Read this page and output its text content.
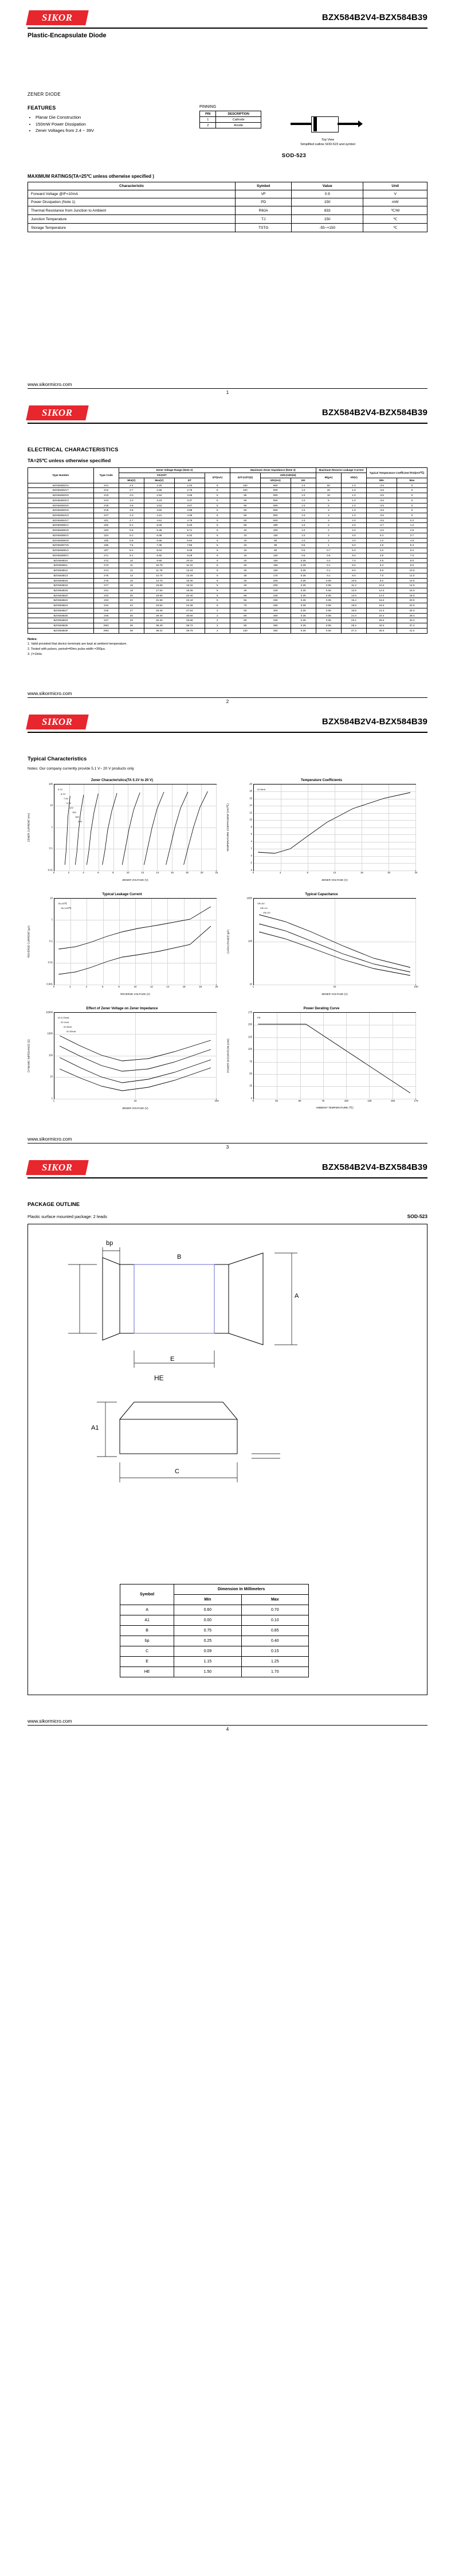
SIKOR	BZX584B2V4-BZX584B39
Plastic-Encapsulate Diode
ZENER DIODE
FEATURES
• Planar Die Construction
• 150mW Power Dissipation
• Zener Voltages from 2.4 ~ 39V
PINNING
PIN	DESCRIPTION
1	Cathode
2	Anode
Top View
Simplified outline SOD-523 and symbol
SOD-523
MAXIMUM RATINGS(TA=25℃ unless otherwise specified )
Characteristic	Symbol	Value	Unit
Forward Voltage @IF=10mA	VF	0.9	V
Power Dissipation (Note 1)	PD	150	mW
Thermal Resistance from Junction to Ambient	RθJA	833	℃/W
Junction Temperature	TJ	150	℃
Storage Temperature	TSTG	-55~+150	℃
www.sikormicro.com
1
SIKOR	BZX584B2V4-BZX584B39
ELECTRICAL CHARACTERISTICS
TA=25℃ unless otherwise specified
Type Number	Type Code	Zener Voltage Range (Note 2)				Maximum Zener Impedance (Note 3)			Maximum Reverse Leakage Current		Typical Temperature Coefficient θVZ(mV/℃)	
		VZ@IZT			IZT(mA)	ZZT@IZT(Ω)	ZZK@IZK(Ω)		IR(μA)	VR(V)		
		Min(V)	Max(V)	IzT			IZK(mA)	IzK			Min	Max
BZX584B2V4	2V1	2.4	2.20	2.40	5	100	900	1.0	50	1.0	-3.5	0
BZX584B2V7	2V2	2.7	2.65	2.75	5	100	900	1.0	20	1.0	-3.5	0
BZX584B3V0	2V3	3.0	2.94	3.06	5	95	900	1.0	10	1.0	-3.5	0
BZX584B3V3	2V4	3.3	3.23	3.37	5	95	900	1.0	5	1.0	-3.5	0
BZX584B3V6	2V5	3.6	3.53	3.67	5	90	900	1.0	5	1.0	-3.5	0
BZX584B3V9	2V6	3.9	3.82	3.98	5	90	900	1.0	3	1.0	-3.5	0
BZX584B4V3	2V7	4.3	4.21	4.39	5	90	900	1.0	3	1.0	-3.5	0
BZX584B4V7	2Z1	4.7	4.61	4.79	5	80	500	1.0	3	2.0	-3.5	0.2
BZX584B5V1	2Z2	5.1	5.00	5.20	5	60	480	1.0	2	2.0	-2.7	1.2
BZX584B5V6	2Z3	5.6	5.49	5.71	5	40	400	1.0	2	2.0	-2.0	2.5
BZX584B6V2	2Z4	6.2	6.08	6.32	5	10	150	1.0	3	4.0	0.4	3.7
BZX584B6V8	2Z5	6.8	6.66	6.94	5	15	80	1.0	2	4.0	1.2	4.5
BZX584B7V5	2Z6	7.5	7.35	7.65	5	15	80	0.5	1	5.0	2.5	5.3
BZX584B8V2	2Z7	8.2	8.04	8.36	5	15	80	0.5	0.7	5.0	3.2	6.2
BZX584B9V1	2Y1	9.1	8.92	9.28	5	15	100	0.5	0.5	6.0	3.8	7.0
BZX584B10	2Y2	10	9.80	10.20	5	20	150	0.25	0.2	7.0	4.5	8.0
BZX584B11	2Y3	11	10.78	11.22	5	20	150	0.25	0.1	8.0	5.4	9.0
BZX584B12	2Y4	12	11.76	12.24	5	25	150	0.25	0.1	8.0	6.0	10.0
BZX584B13	2Y5	13	12.74	13.26	5	30	170	0.25	0.1	8.0	7.0	11.0
BZX584B15	2Y6	15	14.70	15.30	5	30	200	0.25	0.05	10.5	9.2	13.0
BZX584B16	2Y7	16	15.68	16.32	5	40	200	0.25	0.05	11.2	10.4	14.0
BZX584B18	2X1	18	17.64	18.36	5	45	225	0.25	0.05	12.6	12.4	16.0
BZX584B20	2X2	20	19.60	20.40	5	55	225	0.25	0.05	14.0	14.4	18.0
BZX584B22	2X3	22	21.56	22.44	5	55	250	0.25	0.05	15.4	16.4	20.0
BZX584B24	2X4	24	23.52	24.48	5	70	250	0.25	0.05	16.8	18.4	22.0
BZX584B27	2X5	27	26.46	27.54	2	80	300	0.25	0.05	18.9	21.4	25.3
BZX584B30	2X6	30	29.40	30.60	2	80	300	0.25	0.05	21.0	24.4	29.4
BZX584B33	2X7	33	32.34	33.66	2	80	325	0.25	0.05	23.1	28.4	33.4
BZX584B36	2W1	36	35.28	36.72	2	90	350	0.25	0.05	25.2	33.4	37.4
BZX584B39	2W2	39	38.22	39.78	2	130	350	0.25	0.05	27.3	35.4	41.2
Notes:
1. Valid provided that device terminals are kept at ambient temperature.
2. Tested with pulses, period=40ms pulse width =300μs.
3. ƒ=1kHz.
www.sikormicro.com
2
SIKOR	BZX584B2V4-BZX584B39
Typical Characteristics
Notes: Our company currently provide 5.1 V~ 20 V products only
Zener Characteristics(TA 5.1V to 20 V)
5.1V
6.2V
7.5V
9.1V
12V
15V
18V
20V
0.01
0.1
1
10
100
0	2	4	6	8	10	12	14	16	18	20	22
ZENER VOLTAGE (V)
ZENER CURRENT (mA)
Temperature Coefficients
IZ=5mA
-4
-2
0
2
4
6
8
10
12
14
16
18
20
0	4	8	12	16	20	24
ZENER VOLTAGE (V)
TEMPERATURE COEFFICIENT (mV/℃)
Typical Leakage Current
TA=25℃
TA=125℃
0.001
0.01
0.1
1
10
0	2	4	6	8	10	12	14	16	18	20
REVERSE VOLTAGE (V)
REVERSE CURRENT (μA)
Typical Capacitance
VR=0V
VR=1V
VR=2V
10
100
1000
1	10	100
ZENER VOLTAGE (V)
CAPACITANCE (pF)
Effect of Zener Voltage on Zener Impedance
IZ=0.25mA
IZ=1mA
IZ=5mA
IZ=20mA
1
10
100
1000
10000
1	10	100
ZENER VOLTAGE (V)
DYNAMIC IMPEDANCE (Ω)
Power Derating Curve
PD
0
25
50
75
100
125
150
175
0	25	50	75	100	125	150	175
AMBIENT TEMPERATURE (℃)
POWER DISSIPATION (mW)
www.sikormicro.com
3
SIKOR	BZX584B2V4-BZX584B39
PACKAGE OUTLINE
Plastic surface mounted package: 2 leads	SOD-523
bp
E
A
B
HE
A1
C
Symbol	Dimension In Millimeters	
	Min	Max
A	0.60	0.70
A1	0.00	0.10
B	0.75	0.85
bp	0.25	0.40
C	0.09	0.15
E	1.15	1.25
HE	1.50	1.70
www.sikormicro.com
4
